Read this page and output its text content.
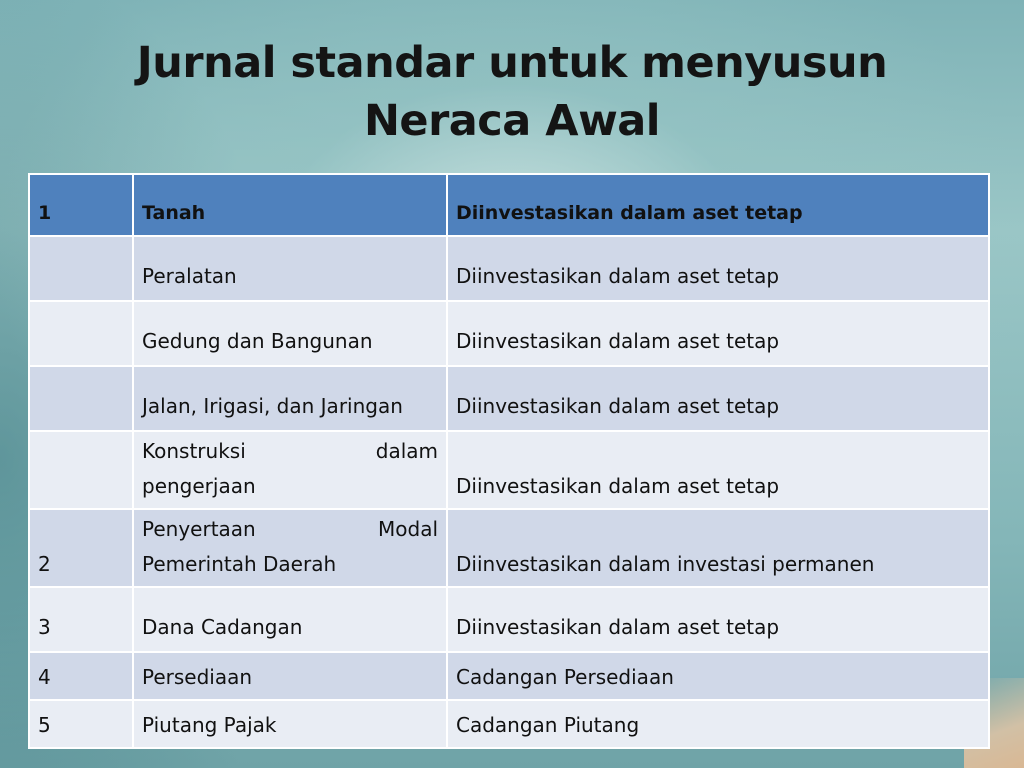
Jurnal standar untuk menyusun
Neraca Awal
1	Tanah	Diinvestasikan dalam aset tetap
	Peralatan	Diinvestasikan dalam aset tetap
	Gedung dan Bangunan	Diinvestasikan dalam aset tetap
	Jalan, Irigasi, dan Jaringan	Diinvestasikan dalam aset tetap

	Konstruksi dalam
pengerjaan	Diinvestasikan dalam aset tetap
2	Penyertaan Modal
Pemerintah Daerah	Diinvestasikan dalam investasi permanen
3	Dana Cadangan	Diinvestasikan dalam aset tetap
4	Persediaan	Cadangan Persediaan
5	Piutang Pajak	Cadangan Piutang
